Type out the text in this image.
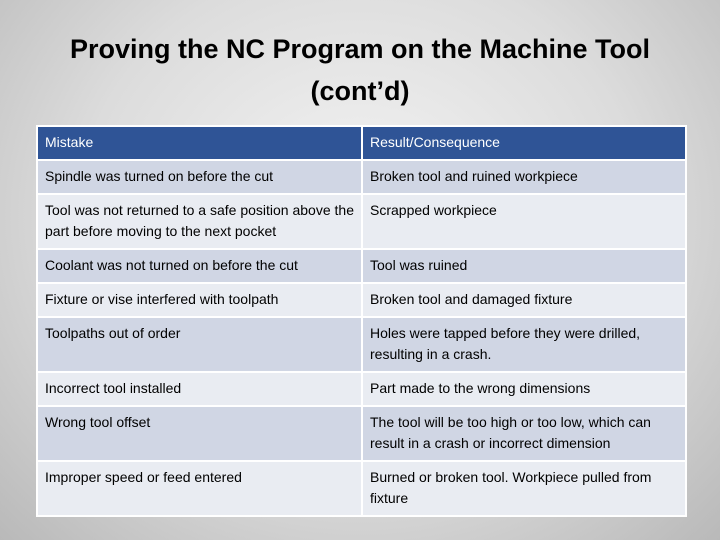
Proving the NC Program on the Machine Tool (cont’d)
Mistake	Result/Consequence
Spindle was turned on before the cut	Broken tool and ruined workpiece
Tool was not returned to a safe position above the part before moving to the next pocket	Scrapped workpiece
Coolant was not turned on before the cut	Tool was ruined
Fixture or vise interfered with toolpath	Broken tool and damaged fixture
Toolpaths out of order	Holes were tapped before they were drilled, resulting in a crash.
Incorrect tool installed	Part made to the wrong dimensions
Wrong tool offset	The tool will be too high or too low, which can result in a crash or incorrect dimension
Improper speed or feed entered	Burned or broken tool. Workpiece pulled from fixture
